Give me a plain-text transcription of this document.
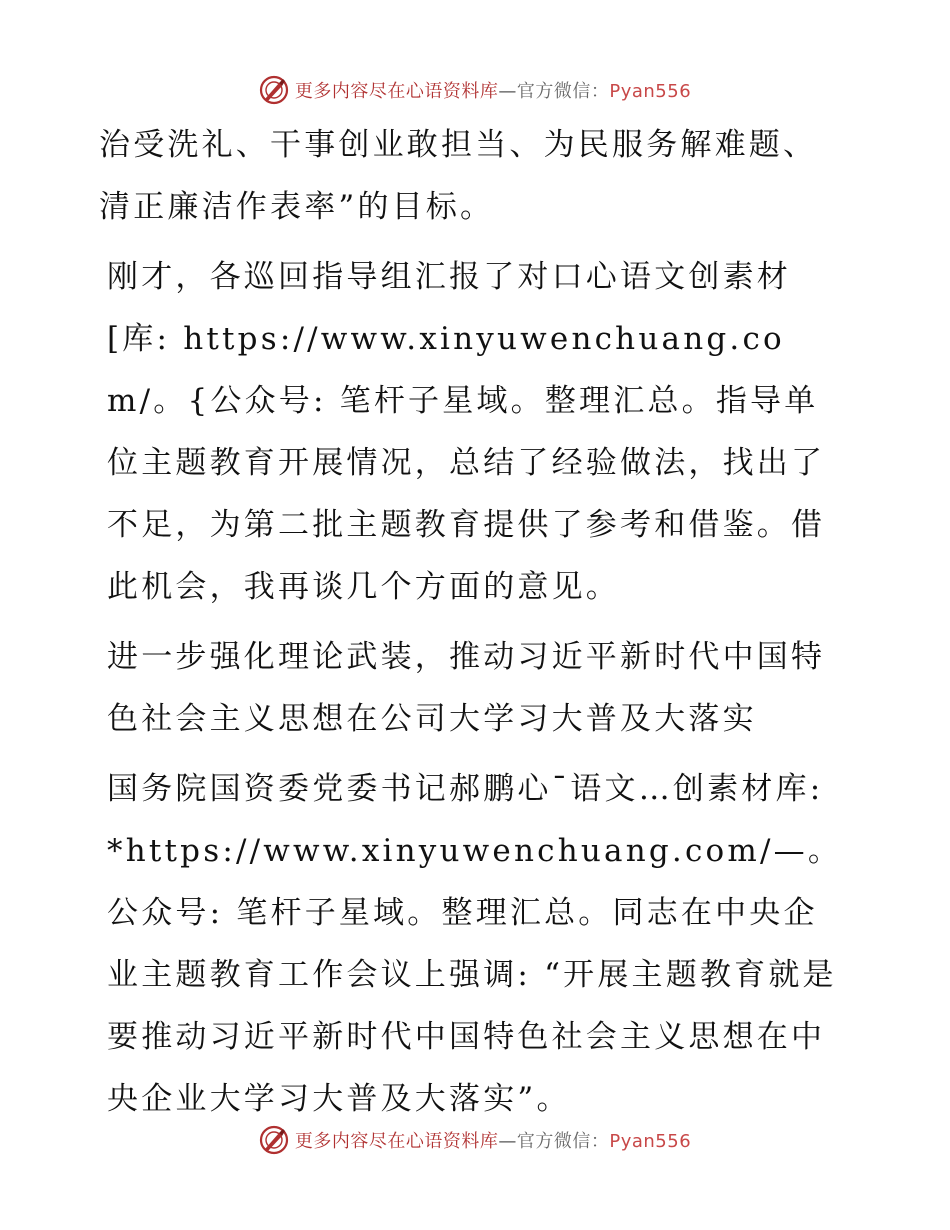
更多内容尽在心语资料库—官方微信：Pyan556

治受洗礼、干事创业敢担当、为民服务解难题、清正廉洁作表率”的目标。

刚才，各巡回指导组汇报了对口心语文创素材[库: https://www.xinyuwenchuang.com/。{公众号: 笔杆子星域。整理汇总。指导单位主题教育开展情况，总结了经验做法，找出了不足，为第二批主题教育提供了参考和借鉴。借此机会，我再谈几个方面的意见。

进一步强化理论武装，推动习近平新时代中国特色社会主义思想在公司大学习大普及大落实

国务院国资委党委书记郝鹏心¯语文…创素材库: *https://www.xinyuwenchuang.com/—。公众号: 笔杆子星域。整理汇总。同志在中央企业主题教育工作会议上强调: “开展主题教育就是要推动习近平新时代中国特色社会主义思想在中央企业大学习大普及大落实”。

更多内容尽在心语资料库—官方微信：Pyan556
